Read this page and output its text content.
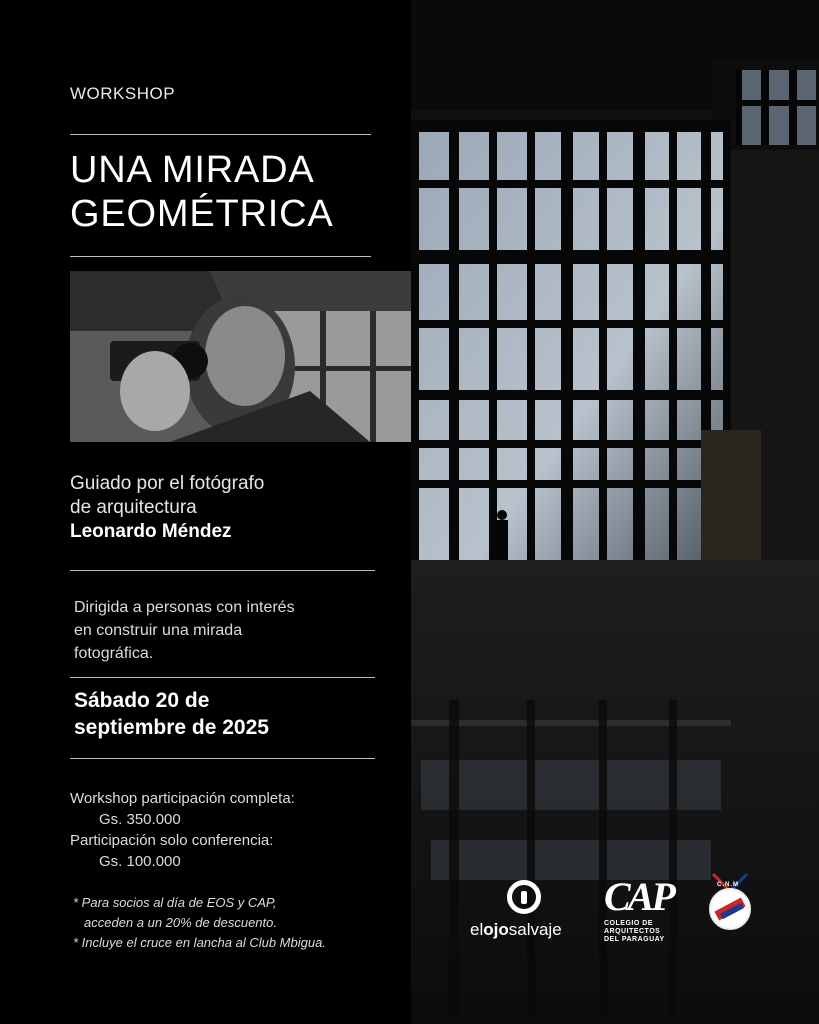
WORKSHOP
UNA MIRADA
GEOMÉTRICA
Guiado por el fotógrafo
de arquitectura
Leonardo Méndez
Dirigida a personas con interés
en construir una mirada
fotográfica.
Sábado 20 de
septiembre de 2025
Workshop participación completa:
Gs. 350.000
Participación solo conferencia:
Gs. 100.000
* Para socios al día de EOS y CAP,
acceden a un 20% de descuento.
* Incluye el cruce en lancha al Club Mbigua.
elojosalvaje
CAP
COLEGIO DE
ARQUITECTOS
DEL PARAGUAY
C.N.M
